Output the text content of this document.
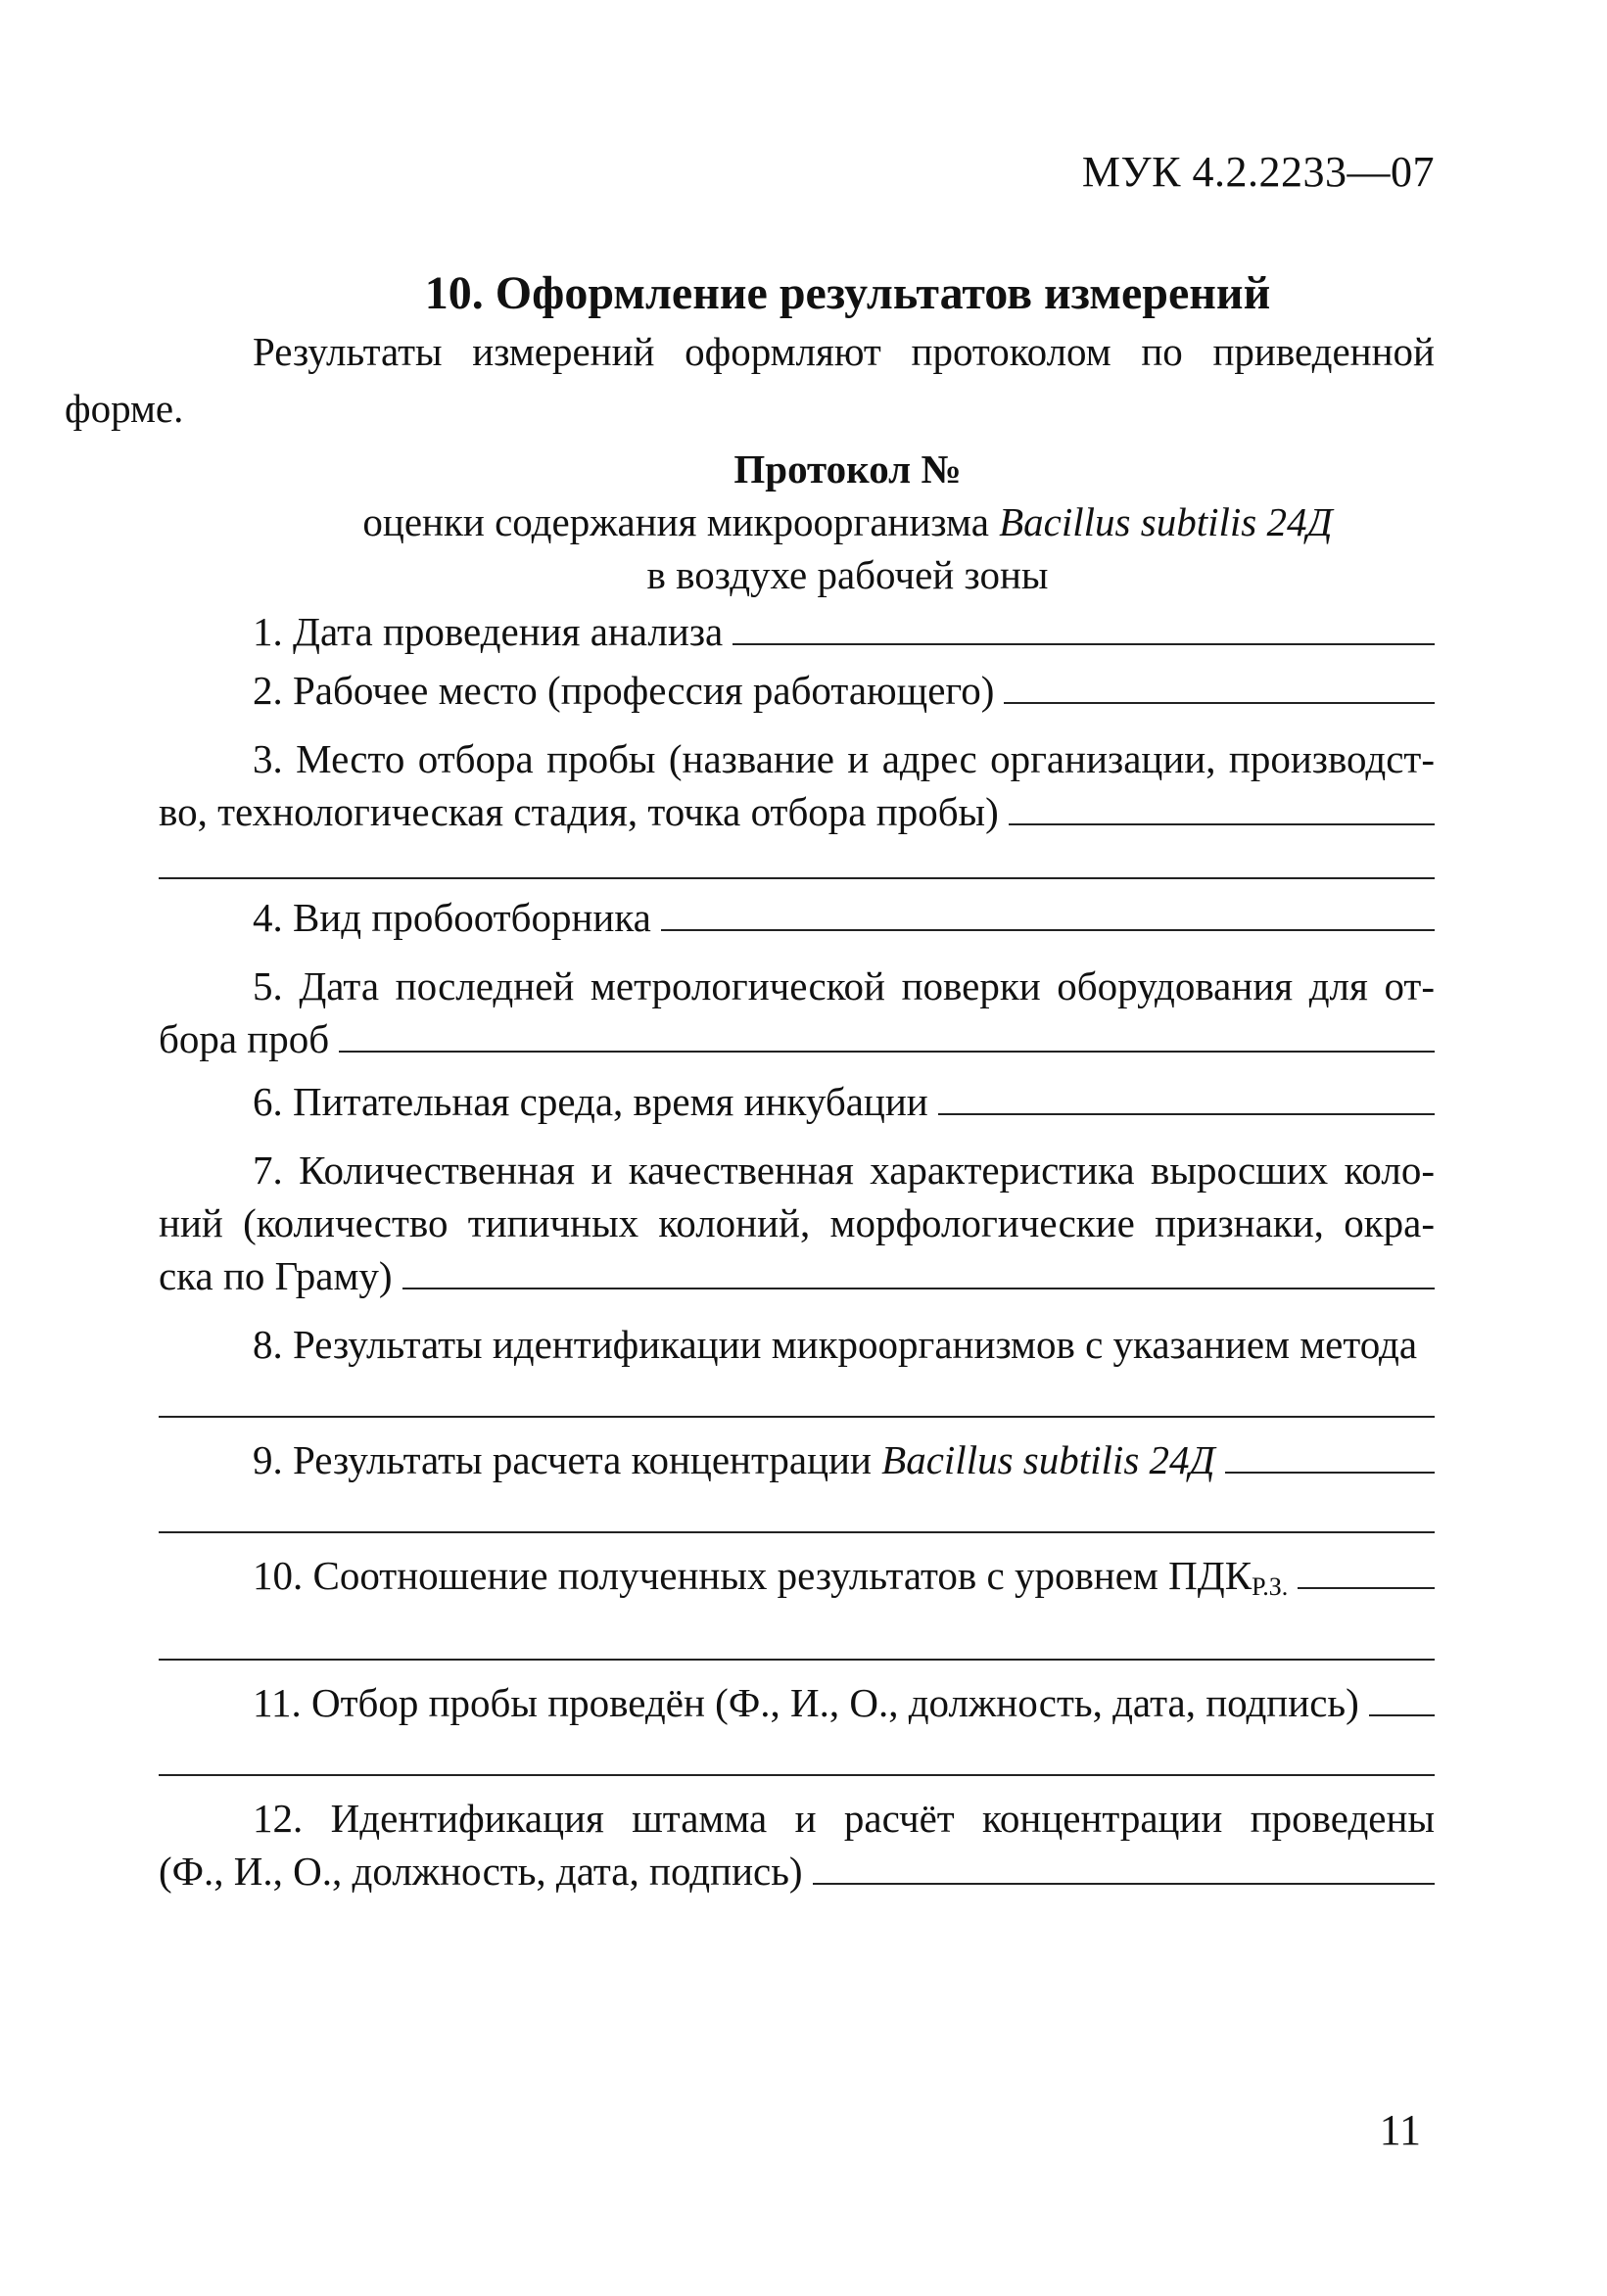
МУК 4.2.2233—07
10. Оформление результатов измерений
Результаты измерений оформляют протоколом по приведенной
форме.
Протокол №
оценки содержания микроорганизма Bacillus subtilis 24Д
в воздухе рабочей зоны
1. Дата проведения анализа
2. Рабочее место (профессия работающего)
3. Место отбора пробы (название и адрес организации, производст-
во, технологическая стадия, точка отбора пробы)
4. Вид пробоотборника
5. Дата последней метрологической поверки оборудования для от-
бора проб
6. Питательная среда, время инкубации
7. Количественная и качественная характеристика выросших коло-
ний (количество типичных колоний, морфологические признаки, окра-
ска по Граму)
8. Результаты идентификации микроорганизмов с указанием метода
9. Результаты расчета концентрации Bacillus subtilis 24Д
10. Соотношение полученных результатов с уровнем $ПДК_{Р.З.}$
11. Отбор пробы проведён (Ф., И., О., должность, дата, подпись)
12. Идентификация штамма и расчёт концентрации проведены
(Ф., И., О., должность, дата, подпись)
11
